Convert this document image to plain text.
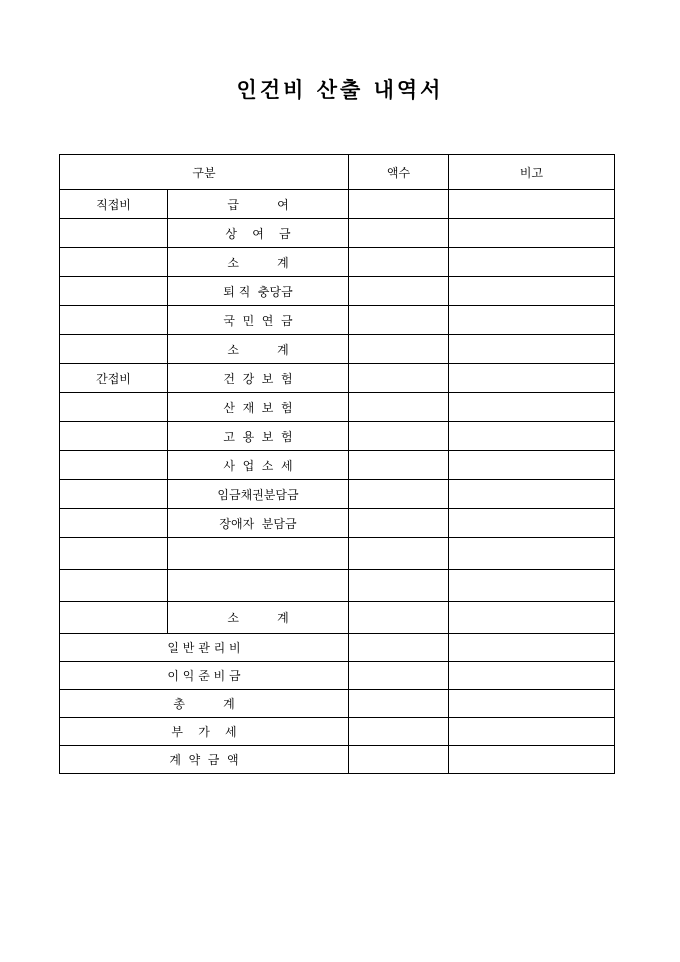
인건비 산출 내역서
구분		액수	비고
직접비	급          여		
	상    여    금		
	소          계		
	퇴 직  충당금		
	국  민  연  금		
	소          계		
간접비	건  강  보  험		
	산  재  보  험		
	고  용  보  험		
	사  업  소  세		
	임금채권분담금		
	장애자  분담금		

	소          계		
일 반 관 리 비			
이 익 준 비 금			
총          계			
부    가    세			
계  약  금  액			
